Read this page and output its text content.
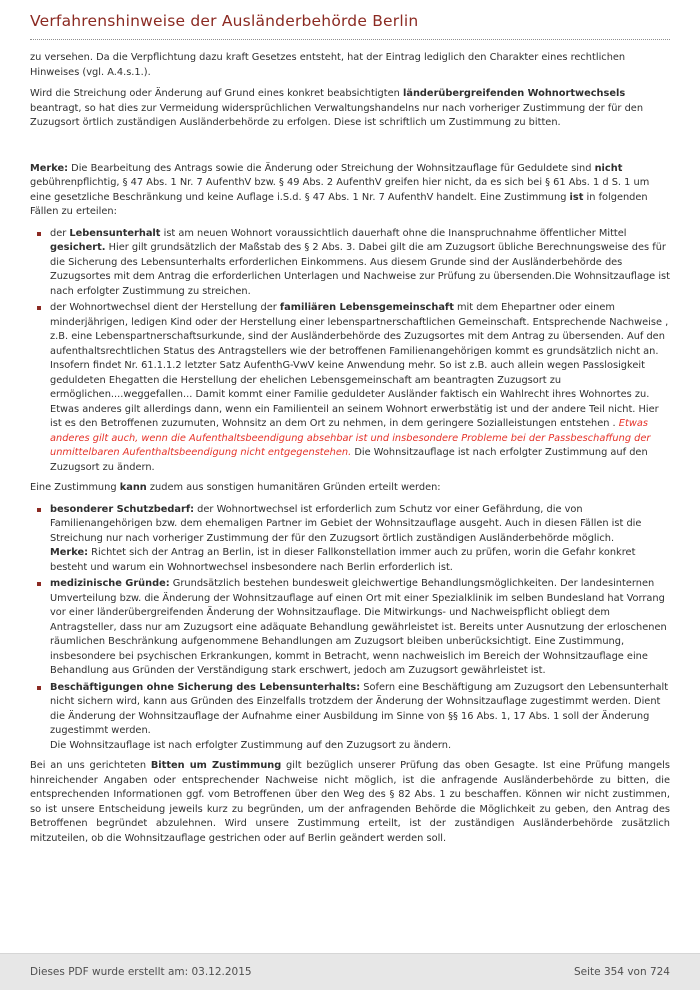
Verfahrenshinweise der Ausländerbehörde Berlin

zu versehen. Da die Verpflichtung dazu kraft Gesetzes entsteht, hat der Eintrag lediglich den Charakter eines rechtlichen Hinweises (vgl. A.4.s.1.).

Wird die Streichung oder Änderung auf Grund eines konkret beabsichtigten länderübergreifenden Wohnortwechsels beantragt, so hat dies zur Vermeidung widersprüchlichen Verwaltungshandelns nur nach vorheriger Zustimmung der für den Zuzugsort örtlich zuständigen Ausländerbehörde zu erfolgen. Diese ist schriftlich um Zustimmung zu bitten.

Merke: Die Bearbeitung des Antrags sowie die Änderung oder Streichung der Wohnsitzauflage für Geduldete sind nicht gebührenpflichtig, § 47 Abs. 1 Nr. 7 AufenthV bzw. § 49 Abs. 2 AufenthV greifen hier nicht, da es sich bei § 61 Abs. 1 d S. 1 um eine gesetzliche Beschränkung und keine Auflage i.S.d. § 47 Abs. 1 Nr. 7 AufenthV handelt. Eine Zustimmung ist in folgenden Fällen zu erteilen:

der Lebensunterhalt ist am neuen Wohnort voraussichtlich dauerhaft ohne die Inanspruchnahme öffentlicher Mittel gesichert. Hier gilt grundsätzlich der Maßstab des § 2 Abs. 3. Dabei gilt die am Zuzugsort übliche Berechnungsweise des für die Sicherung des Lebensunterhalts erforderlichen Einkommens. Aus diesem Grunde sind der Ausländerbehörde des Zuzugsortes mit dem Antrag die erforderlichen Unterlagen und Nachweise zur Prüfung zu übersenden.Die Wohnsitzauflage ist nach erfolgter Zustimmung zu streichen.
der Wohnortwechsel dient der Herstellung der familiären Lebensgemeinschaft mit dem Ehepartner oder einem minderjährigen, ledigen Kind oder der Herstellung einer lebenspartnerschaftlichen Gemeinschaft. Entsprechende Nachweise , z.B. eine Lebenspartnerschaftsurkunde, sind der Ausländerbehörde des Zuzugsortes mit dem Antrag zu übersenden. Auf den aufenthaltsrechtlichen Status des Antragstellers wie der betroffenen Familienangehörigen kommt es grundsätzlich nicht an. Insofern findet Nr. 61.1.1.2 letzter Satz AufenthG-VwV keine Anwendung mehr. So ist z.B. auch allein wegen Passlosigkeit geduldeten Ehegatten die Herstellung der ehelichen Lebensgemeinschaft am beantragten Zuzugsort zu ermöglichen....weggefallen... Damit kommt einer Familie geduldeter Ausländer faktisch ein Wahlrecht ihres Wohnortes zu. Etwas anderes gilt allerdings dann, wenn ein Familienteil an seinem Wohnort erwerbstätig ist und der andere Teil nicht. Hier ist es den Betroffenen zuzumuten, Wohnsitz an dem Ort zu nehmen, in dem geringere Sozialleistungen entstehen . Etwas anderes gilt auch, wenn die Aufenthaltsbeendigung absehbar ist und insbesondere Probleme bei der Passbeschaffung der unmittelbaren Aufenthaltsbeendigung nicht entgegenstehen. Die Wohnsitzauflage ist nach erfolgter Zustimmung auf den Zuzugsort zu ändern.

Eine Zustimmung kann zudem aus sonstigen humanitären Gründen erteilt werden:

besonderer Schutzbedarf: der Wohnortwechsel ist erforderlich zum Schutz vor einer Gefährdung, die von Familienangehörigen bzw. dem ehemaligen Partner im Gebiet der Wohnsitzauflage ausgeht. Auch in diesen Fällen ist die Streichung nur nach vorheriger Zustimmung der für den Zuzugsort örtlich zuständigen Ausländerbehörde möglich.
Merke: Richtet sich der Antrag an Berlin, ist in dieser Fallkonstellation immer auch zu prüfen, worin die Gefahr konkret besteht und warum ein Wohnortwechsel insbesondere nach Berlin erforderlich ist.
medizinische Gründe: Grundsätzlich bestehen bundesweit gleichwertige Behandlungsmöglichkeiten. Der landesinternen Umverteilung bzw. die Änderung der Wohnsitzauflage auf einen Ort mit einer Spezialklinik im selben Bundesland hat Vorrang vor einer länderübergreifenden Änderung der Wohnsitzauflage. Die Mitwirkungs- und Nachweispflicht obliegt dem Antragsteller, dass nur am Zuzugsort eine adäquate Behandlung gewährleistet ist. Bereits unter Ausnutzung der erloschenen räumlichen Beschränkung aufgenommene Behandlungen am Zuzugsort bleiben unberücksichtigt. Eine Zustimmung, insbesondere bei psychischen Erkrankungen, kommt in Betracht, wenn nachweislich im Bereich der Wohnsitzauflage eine Behandlung aus Gründen der Verständigung stark erschwert, jedoch am Zuzugsort gewährleistet ist.
Beschäftigungen ohne Sicherung des Lebensunterhalts: Sofern eine Beschäftigung am Zuzugsort den Lebensunterhalt nicht sichern wird, kann aus Gründen des Einzelfalls trotzdem der Änderung der Wohnsitzauflage zugestimmt werden. Dient die Änderung der Wohnsitzauflage der Aufnahme einer Ausbildung im Sinne von §§ 16 Abs. 1, 17 Abs. 1 soll der Änderung zugestimmt werden.
Die Wohnsitzauflage ist nach erfolgter Zustimmung auf den Zuzugsort zu ändern.

Bei an uns gerichteten Bitten um Zustimmung gilt bezüglich unserer Prüfung das oben Gesagte. Ist eine Prüfung mangels hinreichender Angaben oder entsprechender Nachweise nicht möglich, ist die anfragende Ausländerbehörde zu bitten, die entsprechenden Informationen ggf. vom Betroffenen über den Weg des § 82 Abs. 1 zu beschaffen. Können wir nicht zustimmen, so ist unsere Entscheidung jeweils kurz zu begründen, um der anfragenden Behörde die Möglichkeit zu geben, den Antrag des Betroffenen begründet abzulehnen. Wird unsere Zustimmung erteilt, ist der zuständigen Ausländerbehörde zusätzlich mitzuteilen, ob die Wohnsitzauflage gestrichen oder auf Berlin geändert werden soll.

Dieses PDF wurde erstellt am: 03.12.2015	Seite 354 von 724
